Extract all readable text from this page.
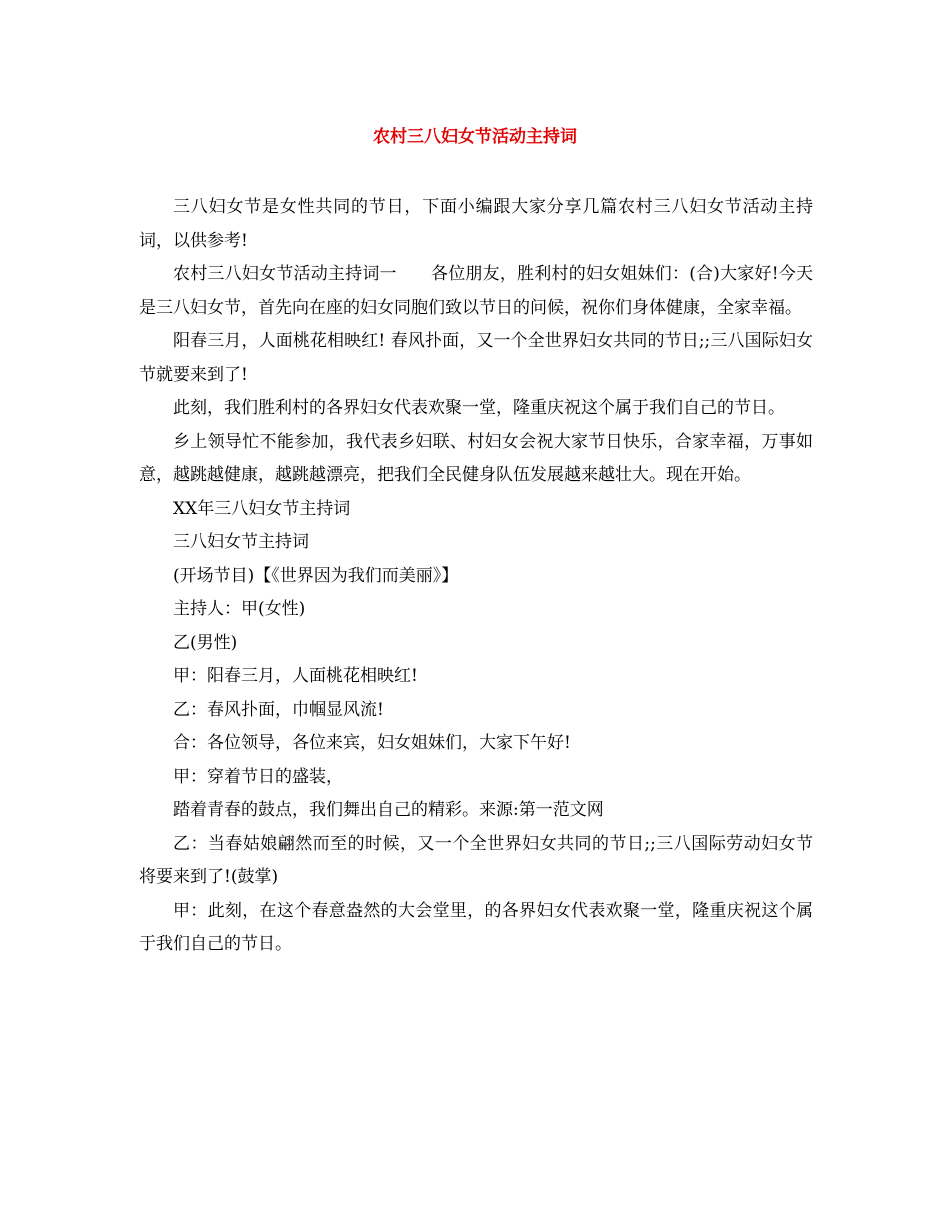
农村三八妇女节活动主持词

三八妇女节是女性共同的节日，下面小编跟大家分享几篇农村三八妇女节活动主持词，以供参考!

农村三八妇女节活动主持词一 各位朋友，胜利村的妇女姐妹们：(合)大家好!今天是三八妇女节，首先向在座的妇女同胞们致以节日的问候，祝你们身体健康，全家幸福。

阳春三月，人面桃花相映红! 春风扑面，又一个全世界妇女共同的节日;;三八国际妇女节就要来到了!

此刻，我们胜利村的各界妇女代表欢聚一堂，隆重庆祝这个属于我们自己的节日。

乡上领导忙不能参加，我代表乡妇联、村妇女会祝大家节日快乐，合家幸福，万事如意，越跳越健康，越跳越漂亮，把我们全民健身队伍发展越来越壮大。现在开始。

XX年三八妇女节主持词

三八妇女节主持词

(开场节目)【《世界因为我们而美丽》】

主持人：甲(女性)

乙(男性)

甲：阳春三月，人面桃花相映红!

乙：春风扑面，巾帼显风流!

合：各位领导，各位来宾，妇女姐妹们，大家下午好!

甲：穿着节日的盛装，

踏着青春的鼓点，我们舞出自己的精彩。来源:第一范文网

乙：当春姑娘翩然而至的时候，又一个全世界妇女共同的节日;;三八国际劳动妇女节将要来到了!(鼓掌)

甲：此刻，在这个春意盎然的大会堂里，的各界妇女代表欢聚一堂，隆重庆祝这个属于我们自己的节日。
